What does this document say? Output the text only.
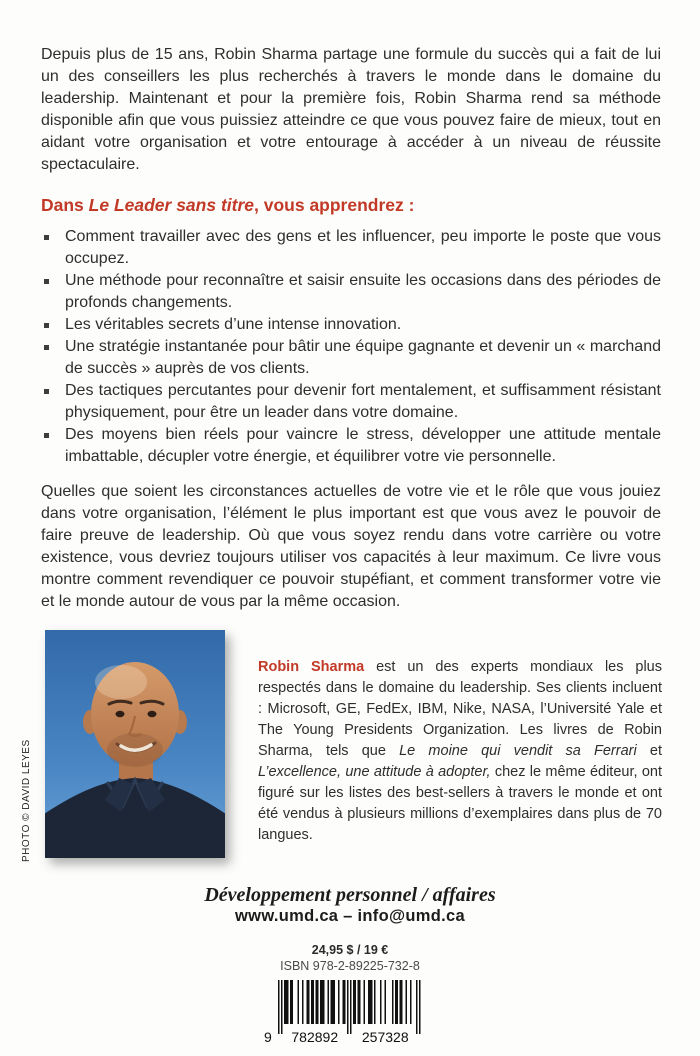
Depuis plus de 15 ans, Robin Sharma partage une formule du succès qui a fait de lui un des conseillers les plus recherchés à travers le monde dans le domaine du leadership. Maintenant et pour la première fois, Robin Sharma rend sa méthode disponible afin que vous puissiez atteindre ce que vous pouvez faire de mieux, tout en aidant votre organisation et votre entourage à accéder à un niveau de réussite spectaculaire.

Dans Le Leader sans titre, vous apprendrez :
Comment travailler avec des gens et les influencer, peu importe le poste que vous occupez.
Une méthode pour reconnaître et saisir ensuite les occasions dans des périodes de profonds changements.
Les véritables secrets d’une intense innovation.
Une stratégie instantanée pour bâtir une équipe gagnante et devenir un « marchand de succès » auprès de vos clients.
Des tactiques percutantes pour devenir fort mentalement, et suffisamment résistant physiquement, pour être un leader dans votre domaine.
Des moyens bien réels pour vaincre le stress, développer une attitude mentale imbattable, décupler votre énergie, et équilibrer votre vie personnelle.

Quelles que soient les circonstances actuelles de votre vie et le rôle que vous jouiez dans votre organisation, l’élément le plus important est que vous avez le pouvoir de faire preuve de leadership. Où que vous soyez rendu dans votre carrière ou votre existence, vous devriez toujours utiliser vos capacités à leur maximum. Ce livre vous montre comment revendiquer ce pouvoir stupéfiant, et comment transformer votre vie et le monde autour de vous par la même occasion.

PHOTO © DAVID LEYES
Robin Sharma est un des experts mondiaux les plus respectés dans le domaine du leadership. Ses clients incluent : Microsoft, GE, FedEx, IBM, Nike, NASA, l’Université Yale et The Young Presidents Organization. Les livres de Robin Sharma, tels que Le moine qui vendit sa Ferrari et L’excellence, une attitude à adopter, chez le même éditeur, ont figuré sur les listes des best-sellers à travers le monde et ont été vendus à plusieurs millions d’exemplaires dans plus de 70 langues.
Développement personnel / affaires
www.umd.ca – info@umd.ca
24,95 $ / 19 €
ISBN 978-2-89225-732-8
9 782892 257328
